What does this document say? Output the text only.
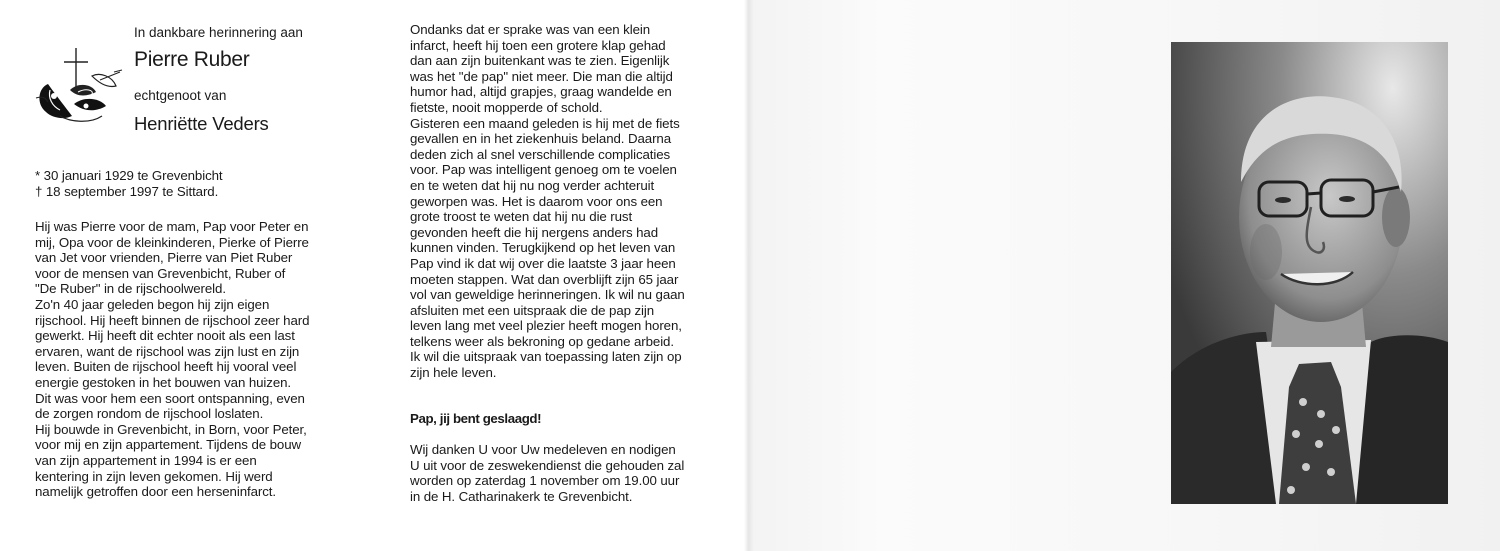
In dankbare herinnering aan
Pierre Ruber
echtgenoot van
Henriëtte Veders
* 30 januari 1929 te Grevenbicht
† 18 september 1997 te Sittard.
Hij was Pierre voor de mam, Pap voor Peter en
mij, Opa voor de kleinkinderen, Pierke of Pierre
van Jet voor vrienden, Pierre van Piet Ruber
voor de mensen van Grevenbicht, Ruber of
"De Ruber" in de rijschoolwereld.
Zo'n 40 jaar geleden begon hij zijn eigen
rijschool. Hij heeft binnen de rijschool zeer hard
gewerkt. Hij heeft dit echter nooit als een last
ervaren, want de rijschool was zijn lust en zijn
leven. Buiten de rijschool heeft hij vooral veel
energie gestoken in het bouwen van huizen.
Dit was voor hem een soort ontspanning, even
de zorgen rondom de rijschool loslaten.
Hij bouwde in Grevenbicht, in Born, voor Peter,
voor mij en zijn appartement. Tijdens de bouw
van zijn appartement in 1994 is er een
kentering in zijn leven gekomen. Hij werd
namelijk getroffen door een herseninfarct.
Ondanks dat er sprake was van een klein
infarct, heeft hij toen een grotere klap gehad
dan aan zijn buitenkant was te zien. Eigenlijk
was het "de pap" niet meer. Die man die altijd
humor had, altijd grapjes, graag wandelde en
fietste, nooit mopperde of schold.
Gisteren een maand geleden is hij met de fiets
gevallen en in het ziekenhuis beland. Daarna
deden zich al snel verschillende complicaties
voor. Pap was intelligent genoeg om te voelen
en te weten dat hij nu nog verder achteruit
geworpen was. Het is daarom voor ons een
grote troost te weten dat hij nu die rust
gevonden heeft die hij nergens anders had
kunnen vinden. Terugkijkend op het leven van
Pap vind ik dat wij over die laatste 3 jaar heen
moeten stappen. Wat dan overblijft zijn 65 jaar
vol van geweldige herinneringen. Ik wil nu gaan
afsluiten met een uitspraak die de pap zijn
leven lang met veel plezier heeft mogen horen,
telkens weer als bekroning op gedane arbeid.
Ik wil die uitspraak van toepassing laten zijn op
zijn hele leven.
Pap, jij bent geslaagd!
Wij danken U voor Uw medeleven en nodigen
U uit voor de zeswekendienst die gehouden zal
worden op zaterdag 1 november om 19.00 uur
in de H. Catharinakerk te Grevenbicht.
